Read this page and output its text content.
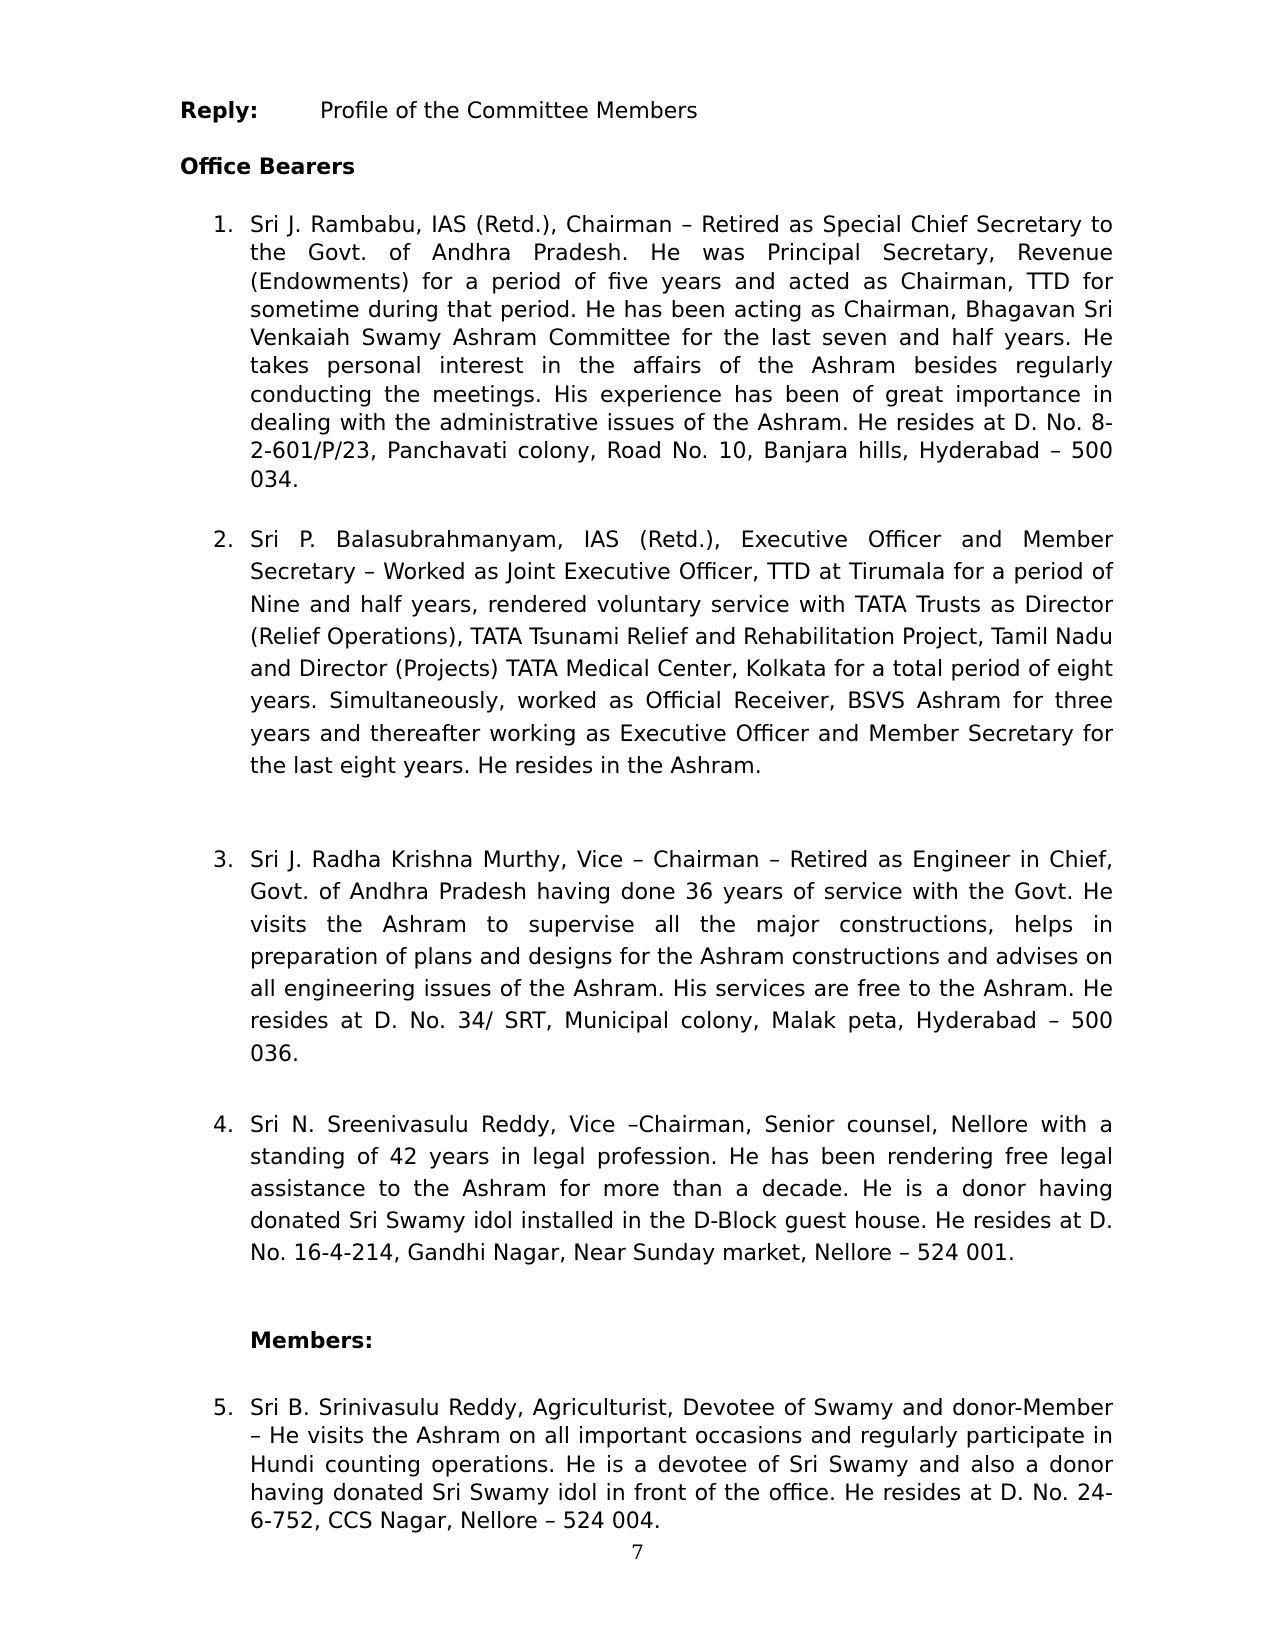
Reply:	Profile of the Committee Members
Office Bearers
1. Sri J. Rambabu, IAS (Retd.), Chairman – Retired as Special Chief Secretary to the Govt. of Andhra Pradesh. He was Principal Secretary, Revenue (Endowments) for a period of five years and acted as Chairman, TTD for sometime during that period. He has been acting as Chairman, Bhagavan Sri Venkaiah Swamy Ashram Committee for the last seven and half years. He takes personal interest in the affairs of the Ashram besides regularly conducting the meetings. His experience has been of great importance in dealing with the administrative issues of the Ashram. He resides at D. No. 8-2-601/P/23, Panchavati colony, Road No. 10, Banjara hills, Hyderabad – 500 034.
2. Sri P. Balasubrahmanyam, IAS (Retd.), Executive Officer and Member Secretary – Worked as Joint Executive Officer, TTD at Tirumala for a period of Nine and half years, rendered voluntary service with TATA Trusts as Director (Relief Operations), TATA Tsunami Relief and Rehabilitation Project, Tamil Nadu and Director (Projects) TATA Medical Center, Kolkata for a total period of eight years. Simultaneously, worked as Official Receiver, BSVS Ashram for three years and thereafter working as Executive Officer and Member Secretary for the last eight years. He resides in the Ashram.
3. Sri J. Radha Krishna Murthy, Vice – Chairman – Retired as Engineer in Chief, Govt. of Andhra Pradesh having done 36 years of service with the Govt. He visits the Ashram to supervise all the major constructions, helps in preparation of plans and designs for the Ashram constructions and advises on all engineering issues of the Ashram. His services are free to the Ashram. He resides at D. No. 34/ SRT, Municipal colony, Malak peta, Hyderabad – 500 036.
4. Sri N. Sreenivasulu Reddy, Vice –Chairman, Senior counsel, Nellore with a standing of 42 years in legal profession. He has been rendering free legal assistance to the Ashram for more than a decade. He is a donor having donated Sri Swamy idol installed in the D-Block guest house. He resides at D. No. 16-4-214, Gandhi Nagar, Near Sunday market, Nellore – 524 001.
Members:
5. Sri B. Srinivasulu Reddy, Agriculturist, Devotee of Swamy and donor-Member – He visits the Ashram on all important occasions and regularly participate in Hundi counting operations. He is a devotee of Sri Swamy and also a donor having donated Sri Swamy idol in front of the office. He resides at D. No. 24-6-752, CCS Nagar, Nellore – 524 004.
7
